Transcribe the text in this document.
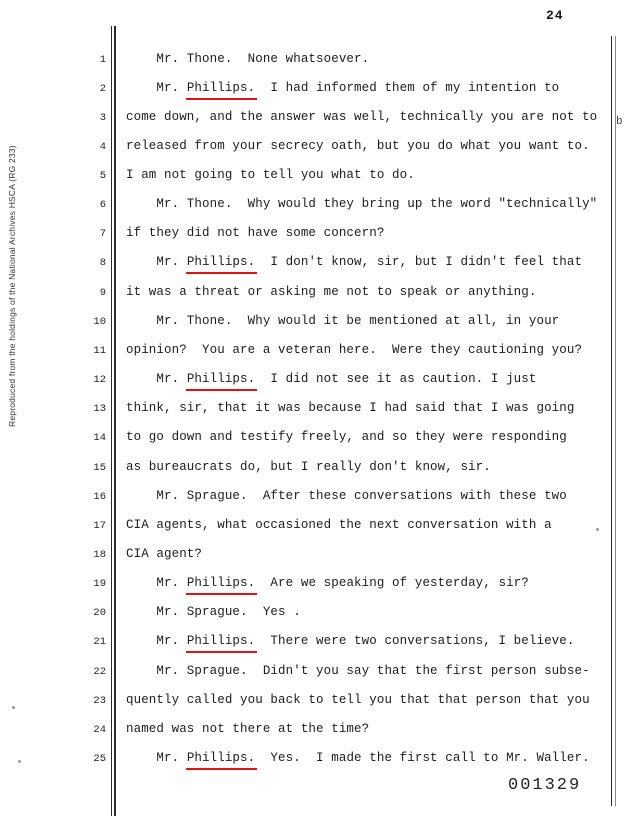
24
Reproduced from the holdings of the National Archives HSCA (RG 233)
1 Mr. Thone.  None whatsoever.
2 Mr. Phillips.  I had informed them of my intention to
3 come down, and the answer was well, technically you are not to
4 released from your secrecy oath, but you do what you want to.
5 I am not going to tell you what to do.
6 Mr. Thone.  Why would they bring up the word "technically"
7 if they did not have some concern?
8 Mr. Phillips.  I don't know, sir, but I didn't feel that
9 it was a threat or asking me not to speak or anything.
10 Mr. Thone.  Why would it be mentioned at all, in your
11 opinion?  You are a veteran here.  Were they cautioning you?
12 Mr. Phillips.  I did not see it as caution. I just
13 think, sir, that it was because I had said that I was going
14 to go down and testify freely, and so they were responding
15 as bureaucrats do, but I really don't know, sir.
16 Mr. Sprague.  After these conversations with these two
17 CIA agents, what occasioned the next conversation with a
18 CIA agent?
19 Mr. Phillips.  Are we speaking of yesterday, sir?
20 Mr. Sprague.  Yes .
21 Mr. Phillips.  There were two conversations, I believe.
22 Mr. Sprague.  Didn't you say that the first person subse-
23 quently called you back to tell you that that person that you
24 named was not there at the time?
25 Mr. Phillips.  Yes.  I made the first call to Mr. Waller.
b
001329
